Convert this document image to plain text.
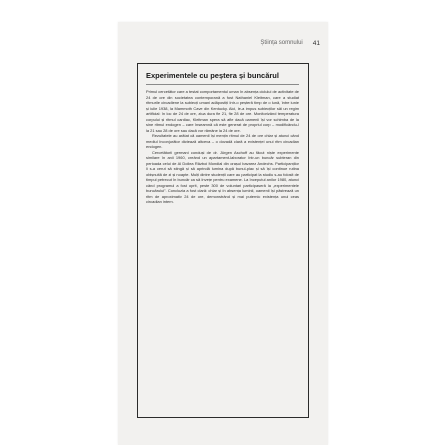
Știința somnului 41
Experimentele cu peștera și buncărul

Primul cercetător care a testat comportamentul uman în absența ciclului de activitate de 24 de ore din societatea contemporană a fost Nathaniel Kleitman, care a studiat ritmurile circadiene la subiecți umani adăpostiți într-o peșteră timp de o lună, între iunie și iulie 1938, la Mammoth Cave din Kentucky. Aici, le-a impus subiecților săi un regim artificial: în loc de 24 de ore, ziua dura fie 21, fie 28 de ore. Monitorizând temperatura corpului și ritmul cardiac, Kleitman spera să afle dacă oamenii își vor schimba de la sine ritmul endogen – care înseamnă că este generat de propriul corp – modificându-l la 21 sau 28 de ore sau dacă vor rămâne la 24 de ore.

Rezultatele au arătat că oamenii își mențin ritmul de 24 de ore chiar și atunci când mediul înconjurător dictează altceva – o dovadă clară a existenței unui ritm circadian endogen.

Cercetătorii germani conduși de dr. Jürgen Aschoff au făcut niște experimente similare în anii 1960, creând un apartament-laborator într-un buncăr subteran din perioada celui de Al Doilea Război Mondial din orașul bavarez Andechs. Participanților li s-a cerut să stingă și să aprindă lumina după bunul-plac și să își continue rutina obișnuită de zi și noapte. Mulți dintre studenții care au participat la studiu s-au folosit de timpul petrecut în buncăr ca să învețe pentru examene. La începutul anilor 1980, atunci când programul a fost oprit, peste 300 de voluntari participaseră la „experimentele buncărului”. Concluzia a fost clară: chiar și în absența luminii, oamenii își păstrează un ritm de aproximativ 24 de ore, demonstrând și mai puternic existența unui ceas circadian intern.
